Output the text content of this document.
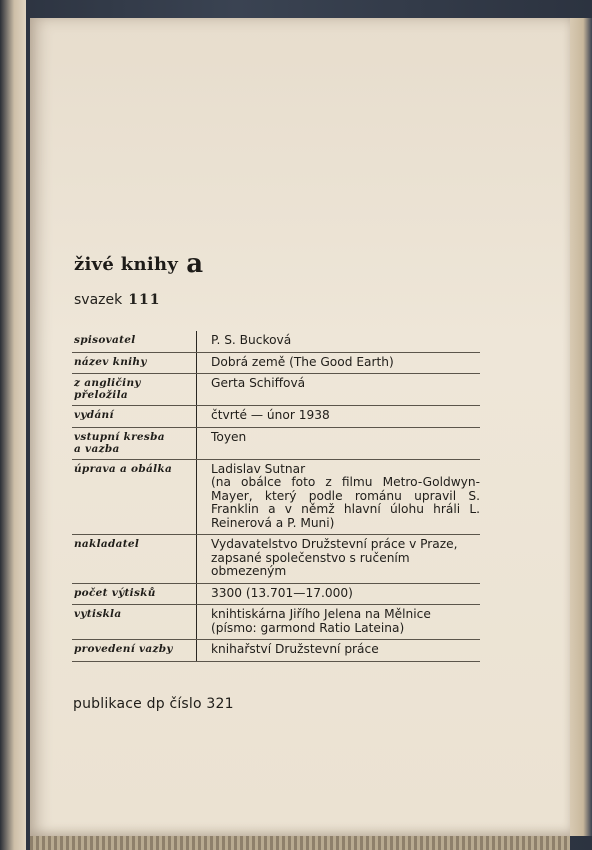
živé knihy a
svazek 111
spisovatel	P. S. Bucková
název knihy	Dobrá země (The Good Earth)
z angličiny
přeložila	Gerta Schiffová
vydání	čtvrté — únor 1938
vstupní kresba
a vazba	Toyen
úprava a obálka	Ladislav Sutnar
(na obálce foto z filmu Metro-Goldwyn-Mayer, který podle románu upravil S. Franklin a v němž hlavní úlohu hráli L. Reinerová a P. Muni)
nakladatel	Vydavatelstvo Družstevní práce v Praze,
zapsané společenstvo s ručením obmezeným
počet výtisků	3300 (13.701—17.000)
vytiskla	knihtiskárna Jiřího Jelena na Mělnice
(písmo: garmond Ratio Lateina)
provedení vazby	knihařství Družstevní práce
publikace dp číslo 321
